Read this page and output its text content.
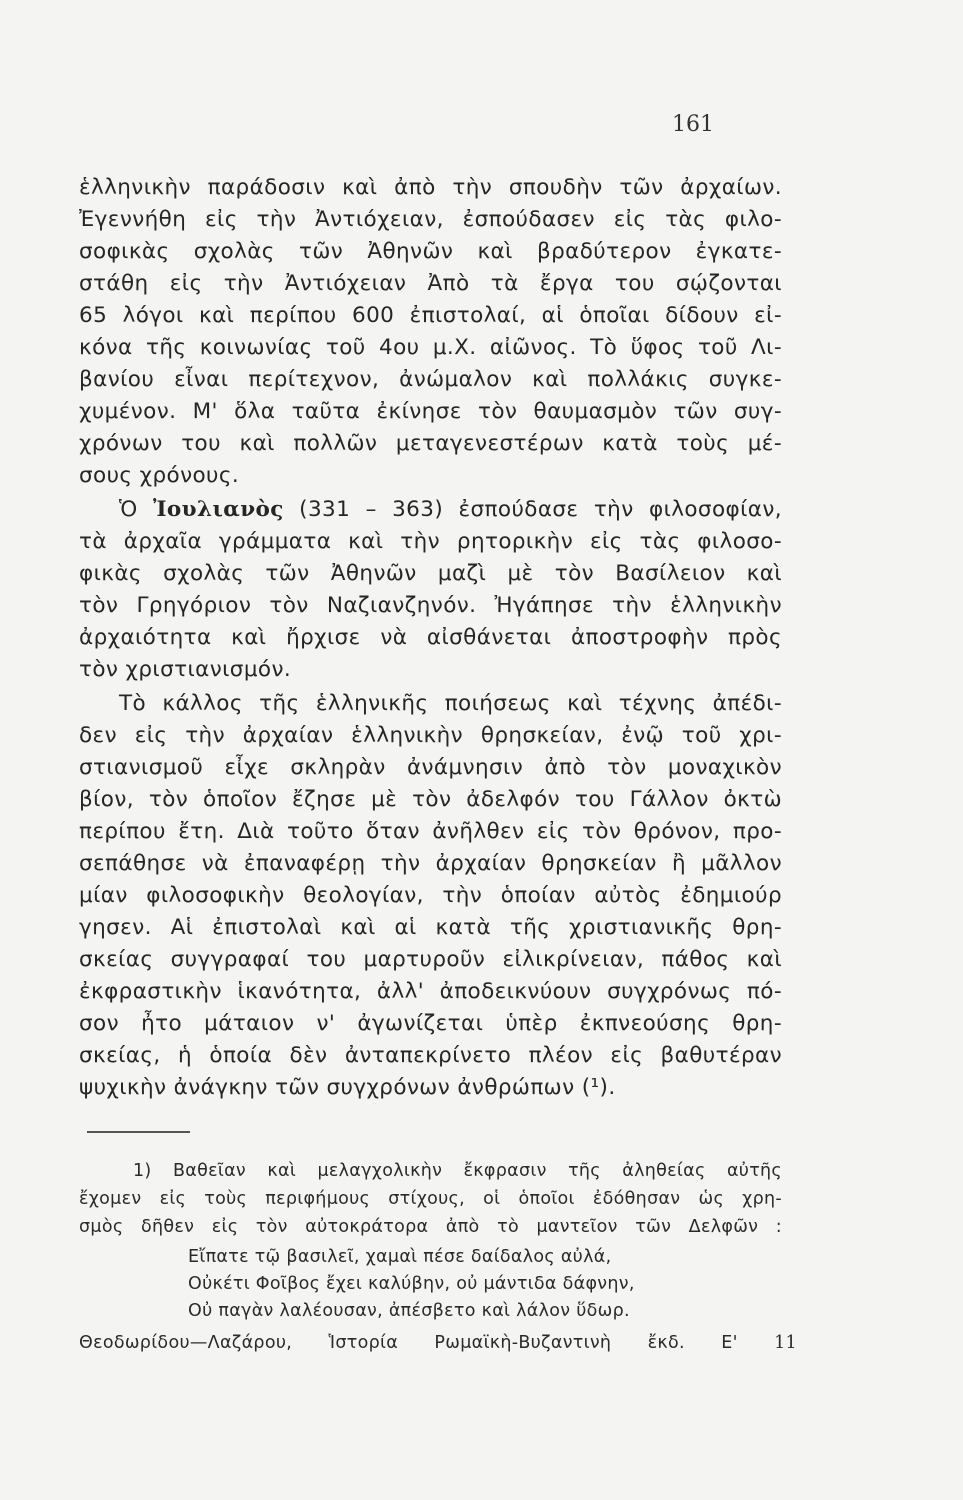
161
ἑλληνικὴν παράδοσιν καὶ ἀπὸ τὴν σπουδὴν τῶν ἀρχαίων.
Ἐγεννήθη εἰς τὴν Ἀντιόχειαν, ἐσπούδασεν εἰς τὰς φιλο-
σοφικὰς σχολὰς τῶν Ἀθηνῶν καὶ βραδύτερον ἐγκατε-
στάθη εἰς τὴν Ἀντιόχειαν Ἀπὸ τὰ ἔργα του σῴζονται
65 λόγοι καὶ περίπου 600 ἐπιστολαί, αἱ ὁποῖαι δίδουν εἰ-
κόνα τῆς κοινωνίας τοῦ 4ου μ.Χ. αἰῶνος. Τὸ ὕφος τοῦ Λι-
βανίου εἶναι περίτεχνον, ἀνώμαλον καὶ πολλάκις συγκε-
χυμένον. Μ' ὅλα ταῦτα ἐκίνησε τὸν θαυμασμὸν τῶν συγ-
χρόνων του καὶ πολλῶν μεταγενεστέρων κατὰ τοὺς μέ-
σους χρόνους.
Ὁ Ἰουλιανὸς (331 – 363) ἐσπούδασε τὴν φιλοσοφίαν,
τὰ ἀρχαῖα γράμματα καὶ τὴν ρητορικὴν εἰς τὰς φιλοσο-
φικὰς σχολὰς τῶν Ἀθηνῶν μαζὶ μὲ τὸν Βασίλειον καὶ
τὸν Γρηγόριον τὸν Ναζιανζηνόν. Ἠγάπησε τὴν ἑλληνικὴν
ἀρχαιότητα καὶ ἤρχισε νὰ αἰσθάνεται ἀποστροφὴν πρὸς
τὸν χριστιανισμόν.
Τὸ κάλλος τῆς ἑλληνικῆς ποιήσεως καὶ τέχνης ἀπέδι-
δεν εἰς τὴν ἀρχαίαν ἑλληνικὴν θρησκείαν, ἐνῷ τοῦ χρι-
στιανισμοῦ εἶχε σκληρὰν ἀνάμνησιν ἀπὸ τὸν μοναχικὸν
βίον, τὸν ὁποῖον ἔζησε μὲ τὸν ἀδελφόν του Γάλλον ὀκτὼ
περίπου ἔτη. Διὰ τοῦτο ὅταν ἀνῆλθεν εἰς τὸν θρόνον, προ-
σεπάθησε νὰ ἐπαναφέρῃ τὴν ἀρχαίαν θρησκείαν ἢ μᾶλλον
μίαν φιλοσοφικὴν θεολογίαν, τὴν ὁποίαν αὐτὸς ἐδημιούρ
γησεν. Αἱ ἐπιστολαὶ καὶ αἱ κατὰ τῆς χριστιανικῆς θρη-
σκείας συγγραφαί του μαρτυροῦν εἰλικρίνειαν, πάθος καὶ
ἐκφραστικὴν ἱκανότητα, ἀλλ' ἀποδεικνύουν συγχρόνως πό-
σον ἦτο μάταιον ν' ἀγωνίζεται ὑπὲρ ἐκπνεούσης θρη-
σκείας, ἡ ὁποία δὲν ἀνταπεκρίνετο πλέον εἰς βαθυτέραν
ψυχικὴν ἀνάγκην τῶν συγχρόνων ἀνθρώπων (¹).
1) Βαθεῖαν καὶ μελαγχολικὴν ἔκφρασιν τῆς ἀληθείας αὐτῆς
ἔχομεν εἰς τοὺς περιφήμους στίχους, οἱ ὁποῖοι ἐδόθησαν ὡς χρη-
σμὸς δῆθεν εἰς τὸν αὐτοκράτορα ἀπὸ τὸ μαντεῖον τῶν Δελφῶν :
Εἴπατε τῷ βασιλεῖ, χαμαὶ πέσε δαίδαλος αὐλά,
Οὐκέτι Φοῖβος ἔχει καλύβην, οὐ μάντιδα δάφνην,
Οὐ παγὰν λαλέουσαν, ἀπέσβετο καὶ λάλον ὕδωρ.
Θεοδωρίδου—Λαζάρου, Ἱστορία Ρωμαϊκὴ-Βυζαντινὴ ἔκδ. Ε' 11
